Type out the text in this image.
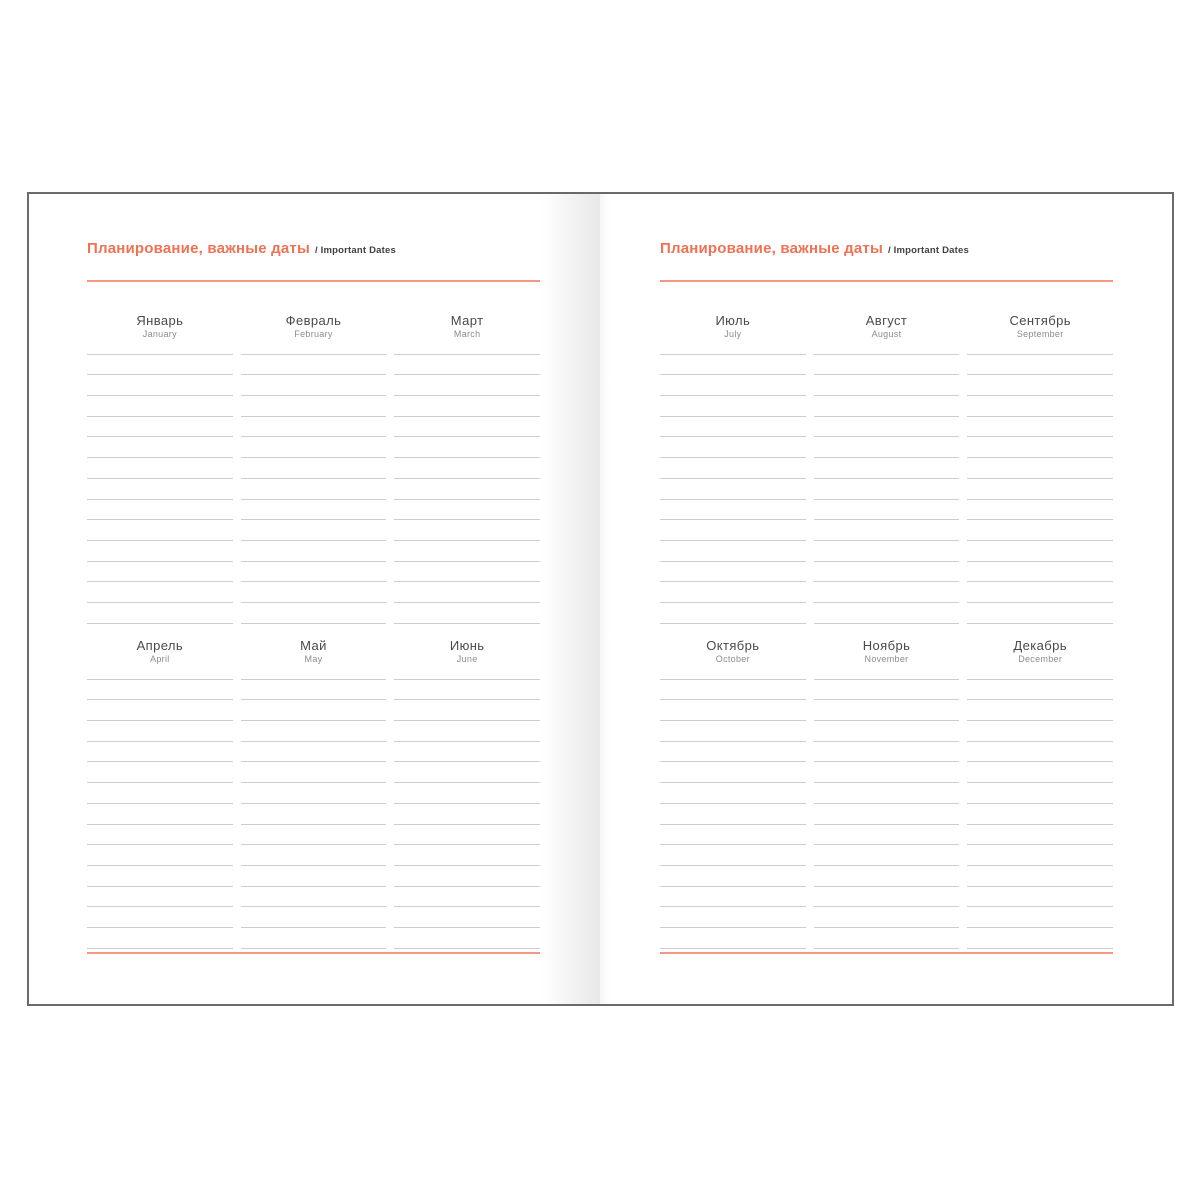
Планирование, важные даты / Important Dates
Январь
January
Февраль
February
Март
March
Апрель
April
Май
May
Июнь
June
Планирование, важные даты / Important Dates
Июль
July
Август
August
Сентябрь
September
Октябрь
October
Ноябрь
November
Декабрь
December
